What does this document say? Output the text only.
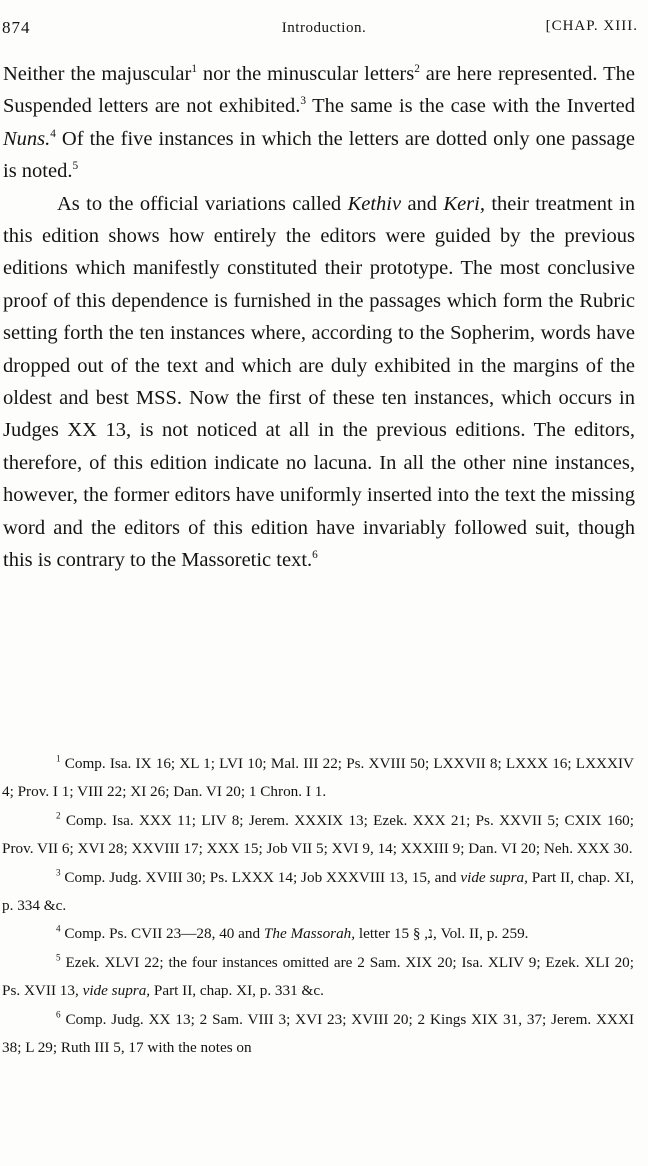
874	Introduction.	[CHAP. XIII.

Neither the majuscular$^1$ nor the minuscular letters$^2$ are here represented. The Suspended letters are not exhibited.$^3$ The same is the case with the Inverted Nuns.$^4$ Of the five instances in which the letters are dotted only one passage is noted.$^5$

As to the official variations called Kethiv and Keri, their treatment in this edition shows how entirely the editors were guided by the previous editions which manifestly constituted their prototype. The most conclusive proof of this dependence is furnished in the passages which form the Rubric setting forth the ten instances where, according to the Sopherim, words have dropped out of the text and which are duly exhibited in the margins of the oldest and best MSS. Now the first of these ten instances, which occurs in Judges XX 13, is not noticed at all in the previous editions. The editors, therefore, of this edition indicate no lacuna. In all the other nine instances, however, the former editors have uniformly inserted into the text the missing word and the editors of this edition have invariably followed suit, though this is contrary to the Massoretic text.$^6$

$^1$ Comp. Isa. IX 16; XL 1; LVI 10; Mal. III 22; Ps. XVIII 50; LXXVII 8; LXXX 16; LXXXIV 4; Prov. I 1; VIII 22; XI 26; Dan. VI 20; 1 Chron. I 1.

$^2$ Comp. Isa. XXX 11; LIV 8; Jerem. XXXIX 13; Ezek. XXX 21; Ps. XXVII 5; CXIX 160; Prov. VII 6; XVI 28; XXVIII 17; XXX 15; Job VII 5; XVI 9, 14; XXXIII 9; Dan. VI 20; Neh. XXX 30.

$^3$ Comp. Judg. XVIII 30; Ps. LXXX 14; Job XXXVIII 13, 15, and vide supra, Part II, chap. XI, p. 334 &c.

$^4$ Comp. Ps. CVII 23—28, 40 and The Massorah, letter נ, § 15, Vol. II, p. 259.

$^5$ Ezek. XLVI 22; the four instances omitted are 2 Sam. XIX 20; Isa. XLIV 9; Ezek. XLI 20; Ps. XVII 13, vide supra, Part II, chap. XI, p. 331 &c.

$^6$ Comp. Judg. XX 13; 2 Sam. VIII 3; XVI 23; XVIII 20; 2 Kings XIX 31, 37; Jerem. XXXI 38; L 29; Ruth III 5, 17 with the notes on
